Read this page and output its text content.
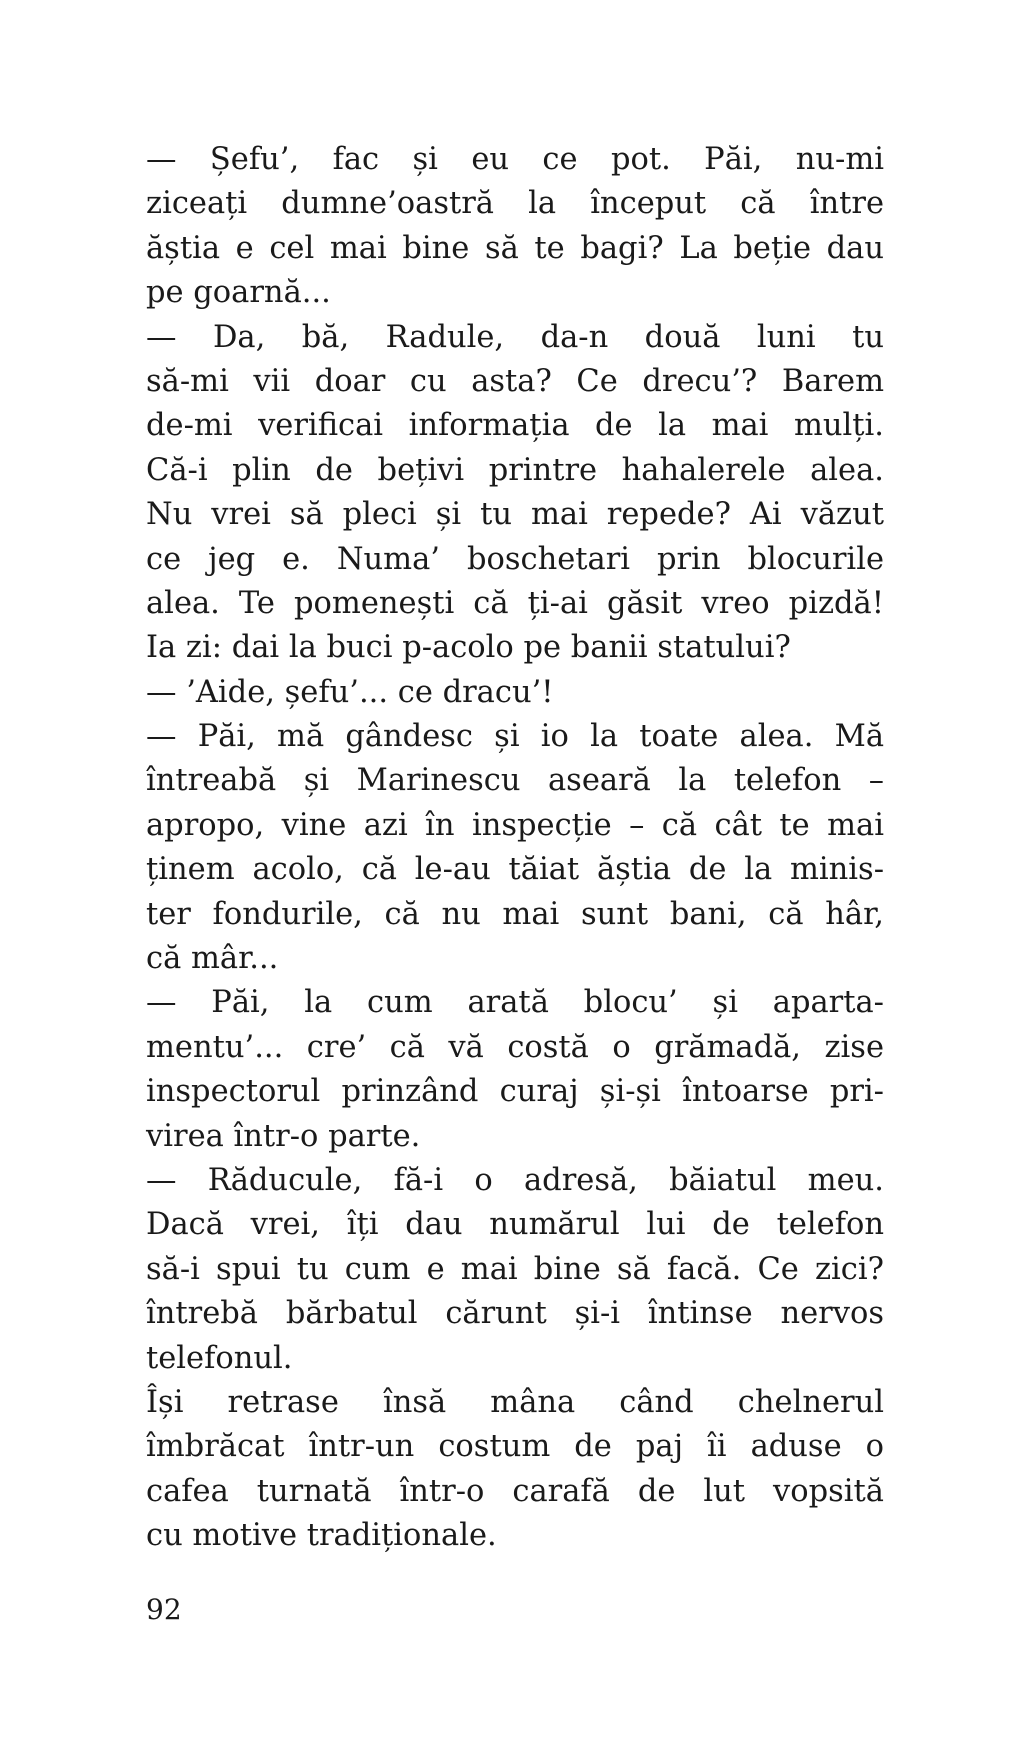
— Șefu’, fac și eu ce pot. Păi, nu-mi
ziceați dumne’oastră la început că între
ăștia e cel mai bine să te bagi? La beție dau
pe goarnă...
— Da, bă, Radule, da-n două luni tu
să-mi vii doar cu asta? Ce drecu’? Barem
de-mi verificai informația de la mai mulți.
Că-i plin de bețivi printre hahalerele alea.
Nu vrei să pleci și tu mai repede? Ai văzut
ce jeg e. Numa’ boschetari prin blocurile
alea. Te pomenești că ți-ai găsit vreo pizdă!
Ia zi: dai la buci p-acolo pe banii statului?
— ’Aide, șefu’... ce dracu’!
— Păi, mă gândesc și io la toate alea. Mă
întreabă și Marinescu aseară la telefon –
apropo, vine azi în inspecție – că cât te mai
ținem acolo, că le-au tăiat ăștia de la minis-
ter fondurile, că nu mai sunt bani, că hâr,
că mâr...
— Păi, la cum arată blocu’ și aparta-
mentu’... cre’ că vă costă o grămadă, zise
inspectorul prinzând curaj și-și întoarse pri-
virea într-o parte.
— Răducule, fă-i o adresă, băiatul meu.
Dacă vrei, îți dau numărul lui de telefon
să-i spui tu cum e mai bine să facă. Ce zici?
întrebă bărbatul cărunt și-i întinse nervos
telefonul.
Își retrase însă mâna când chelnerul
îmbrăcat într-un costum de paj îi aduse o
cafea turnată într-o carafă de lut vopsită
cu motive tradiționale.
92
